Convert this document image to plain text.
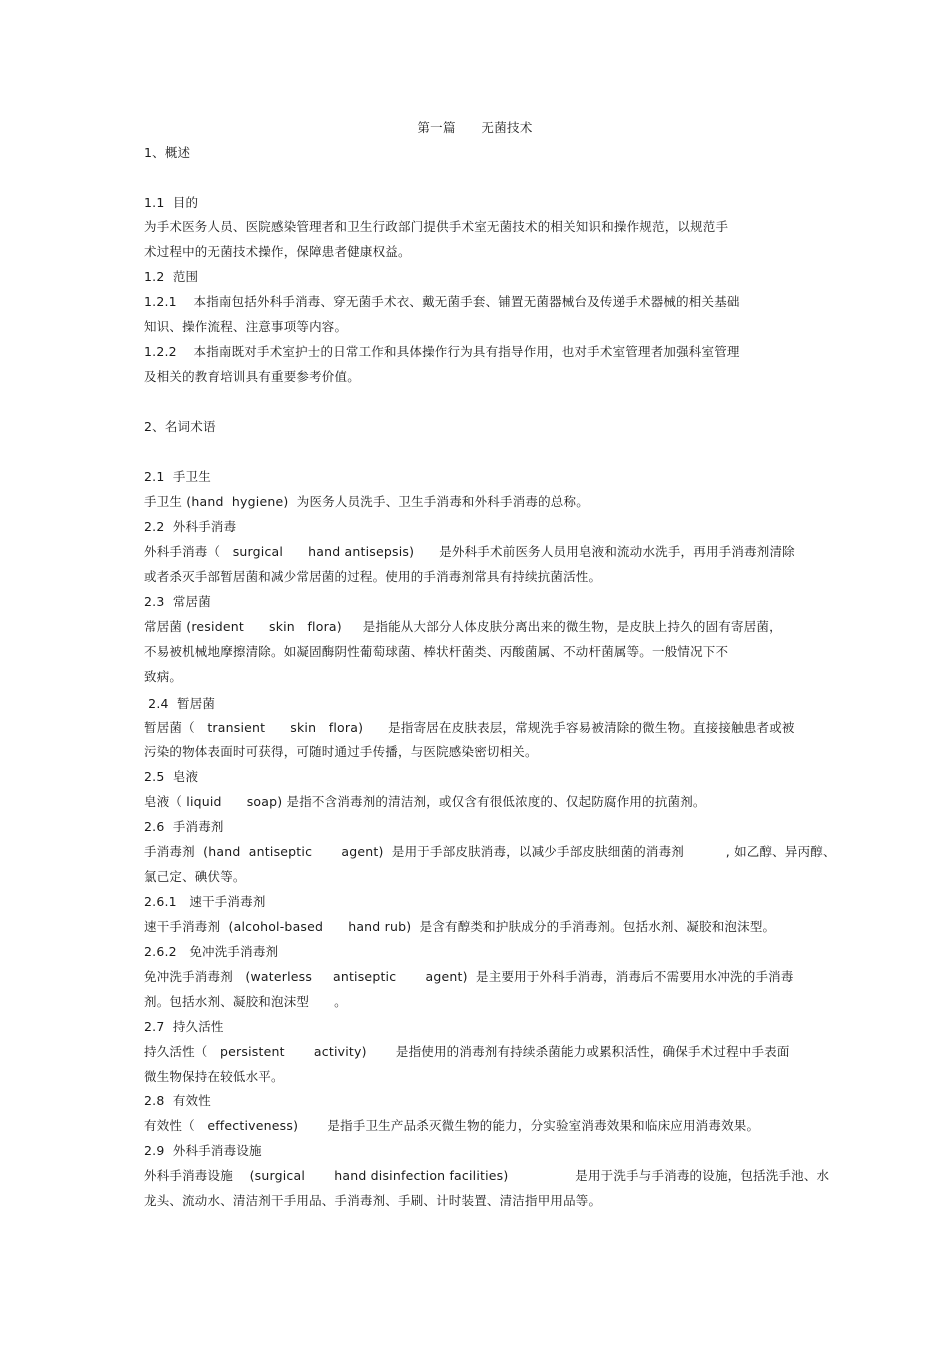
第一篇      无菌技术
1、概述
1.1  目的
为手术医务人员、医院感染管理者和卫生行政部门提供手术室无菌技术的相关知识和操作规范，以规范手
术过程中的无菌技术操作，保障患者健康权益。
1.2  范围
1.2.1    本指南包括外科手消毒、穿无菌手术衣、戴无菌手套、铺置无菌器械台及传递手术器械的相关基础
知识、操作流程、注意事项等内容。
1.2.2    本指南既对手术室护士的日常工作和具体操作行为具有指导作用，也对手术室管理者加强科室管理
及相关的教育培训具有重要参考价值。
2、名词术语
2.1  手卫生
手卫生 (hand  hygiene)  为医务人员洗手、卫生手消毒和外科手消毒的总称。
2.2  外科手消毒
外科手消毒（   surgical      hand antisepsis)      是外科手术前医务人员用皂液和流动水洗手，再用手消毒剂清除
或者杀灭手部暂居菌和减少常居菌的过程。使用的手消毒剂常具有持续抗菌活性。
2.3  常居菌
常居菌 (resident      skin   flora)     是指能从大部分人体皮肤分离出来的微生物，是皮肤上持久的固有寄居菌，
不易被机械地摩擦清除。如凝固酶阴性葡萄球菌、棒状杆菌类、丙酸菌属、不动杆菌属等。一般情况下不
致病。
2.4  暂居菌
暂居菌（   transient      skin   flora)      是指寄居在皮肤表层，常规洗手容易被清除的微生物。直接接触患者或被
污染的物体表面时可获得，可随时通过手传播，与医院感染密切相关。
2.5  皂液
皂液（ liquid      soap) 是指不含消毒剂的清洁剂，或仅含有很低浓度的、仅起防腐作用的抗菌剂。
2.6  手消毒剂
手消毒剂  (hand  antiseptic       agent)  是用于手部皮肤消毒，以减少手部皮肤细菌的消毒剂          , 如乙醇、异丙醇、
氯己定、碘伏等。
2.6.1   速干手消毒剂
速干手消毒剂  (alcohol-based      hand rub)  是含有醇类和护肤成分的手消毒剂。包括水剂、凝胶和泡沫型。
2.6.2   免冲洗手消毒剂
免冲洗手消毒剂   (waterless     antiseptic       agent)  是主要用于外科手消毒，消毒后不需要用水冲洗的手消毒
剂。包括水剂、凝胶和泡沫型      。
2.7  持久活性
持久活性（   persistent       activity)       是指使用的消毒剂有持续杀菌能力或累积活性，确保手术过程中手表面
微生物保持在较低水平。
2.8  有效性
有效性（   effectiveness)       是指手卫生产品杀灭微生物的能力，分实验室消毒效果和临床应用消毒效果。
2.9  外科手消毒设施
外科手消毒设施    (surgical       hand disinfection facilities)                是用于洗手与手消毒的设施，包括洗手池、水
龙头、流动水、清洁剂干手用品、手消毒剂、手刷、计时装置、清洁指甲用品等。
